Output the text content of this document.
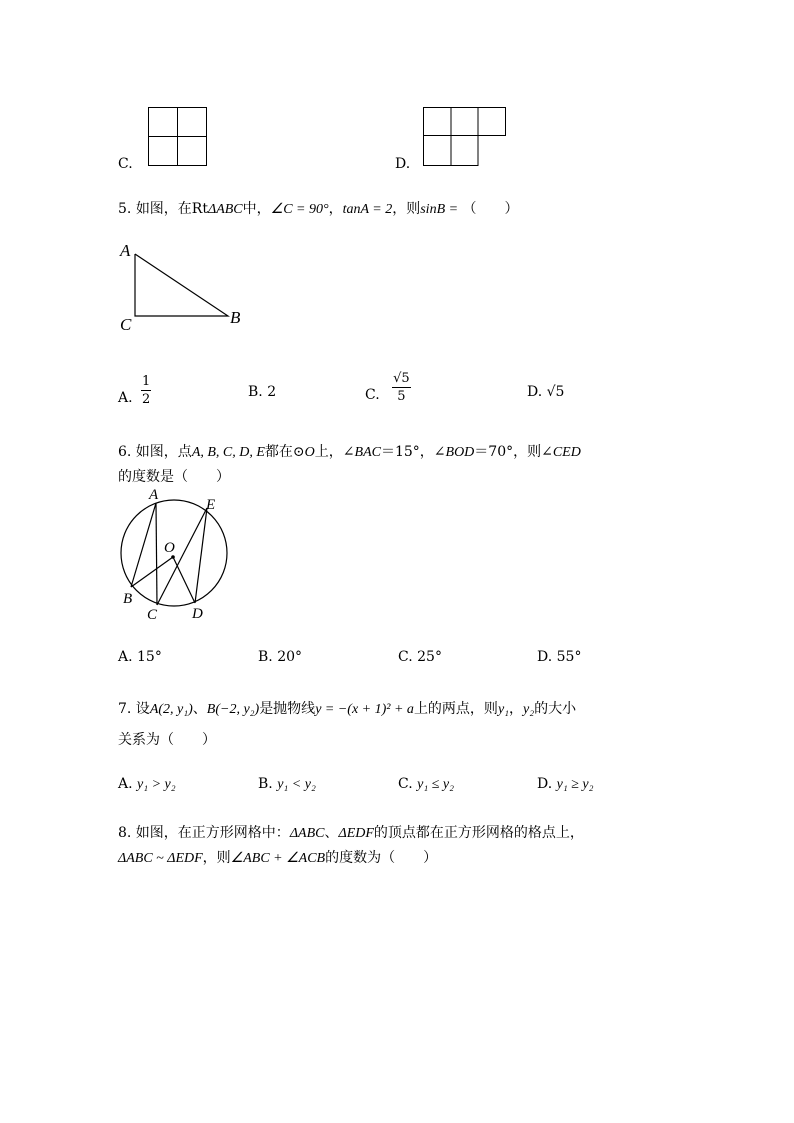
C.	D.
5. 如图，在RtΔABC中，∠C = 90°，tanA = 2，则sinB = （　　）
A
C	B
A. $\frac{1}{2}$	B. 2	C. $\frac{√5}{5}$	D. √5
6. 如图，点A, B, C, D, E都在⊙O上，∠BAC＝15°，∠BOD＝70°，则∠CED
的度数是（　　）
A
E
O
B
C D
A. 15°	B. 20°	C. 25°	D. 55°
7. 设A(2, y₁)、B(−2, y₂)是抛物线y = −(x + 1)² + a上的两点，则y₁，y₂的大小
关系为（　　）
A. y₁ > y₂	B. y₁ < y₂	C. y₁ ≤ y₂	D. y₁ ≥ y₂
8. 如图，在正方形网格中：ΔABC、ΔEDF的顶点都在正方形网格的格点上，
ΔABC ~ ΔEDF，则∠ABC + ∠ACB的度数为（　　）
